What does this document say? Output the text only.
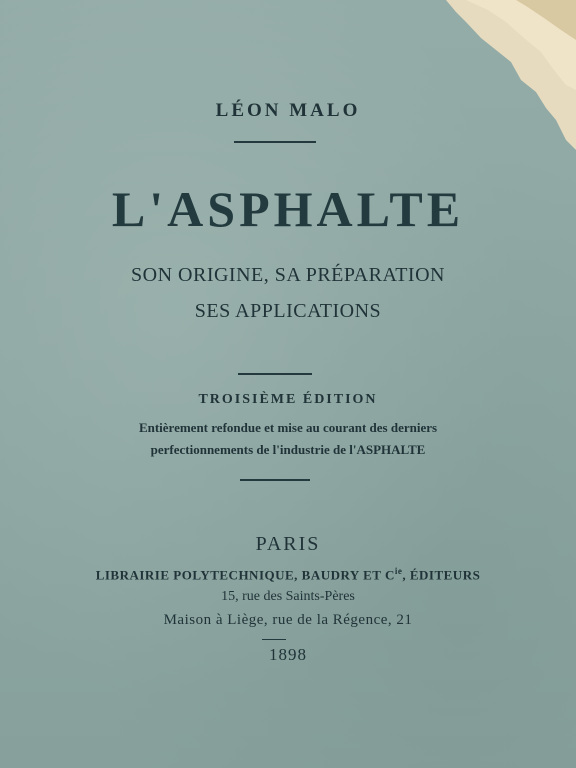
LÉON MALO
L'ASPHALTE
SON ORIGINE, SA PRÉPARATION
SES APPLICATIONS
TROISIÈME ÉDITION
Entièrement refondue et mise au courant des derniers
perfectionnements de l'industrie de l'ASPHALTE
PARIS
LIBRAIRIE POLYTECHNIQUE, BAUDRY ET $C^{ie}$, ÉDITEURS
15, rue des Saints-Pères
Maison à Liège, rue de la Régence, 21
1898
